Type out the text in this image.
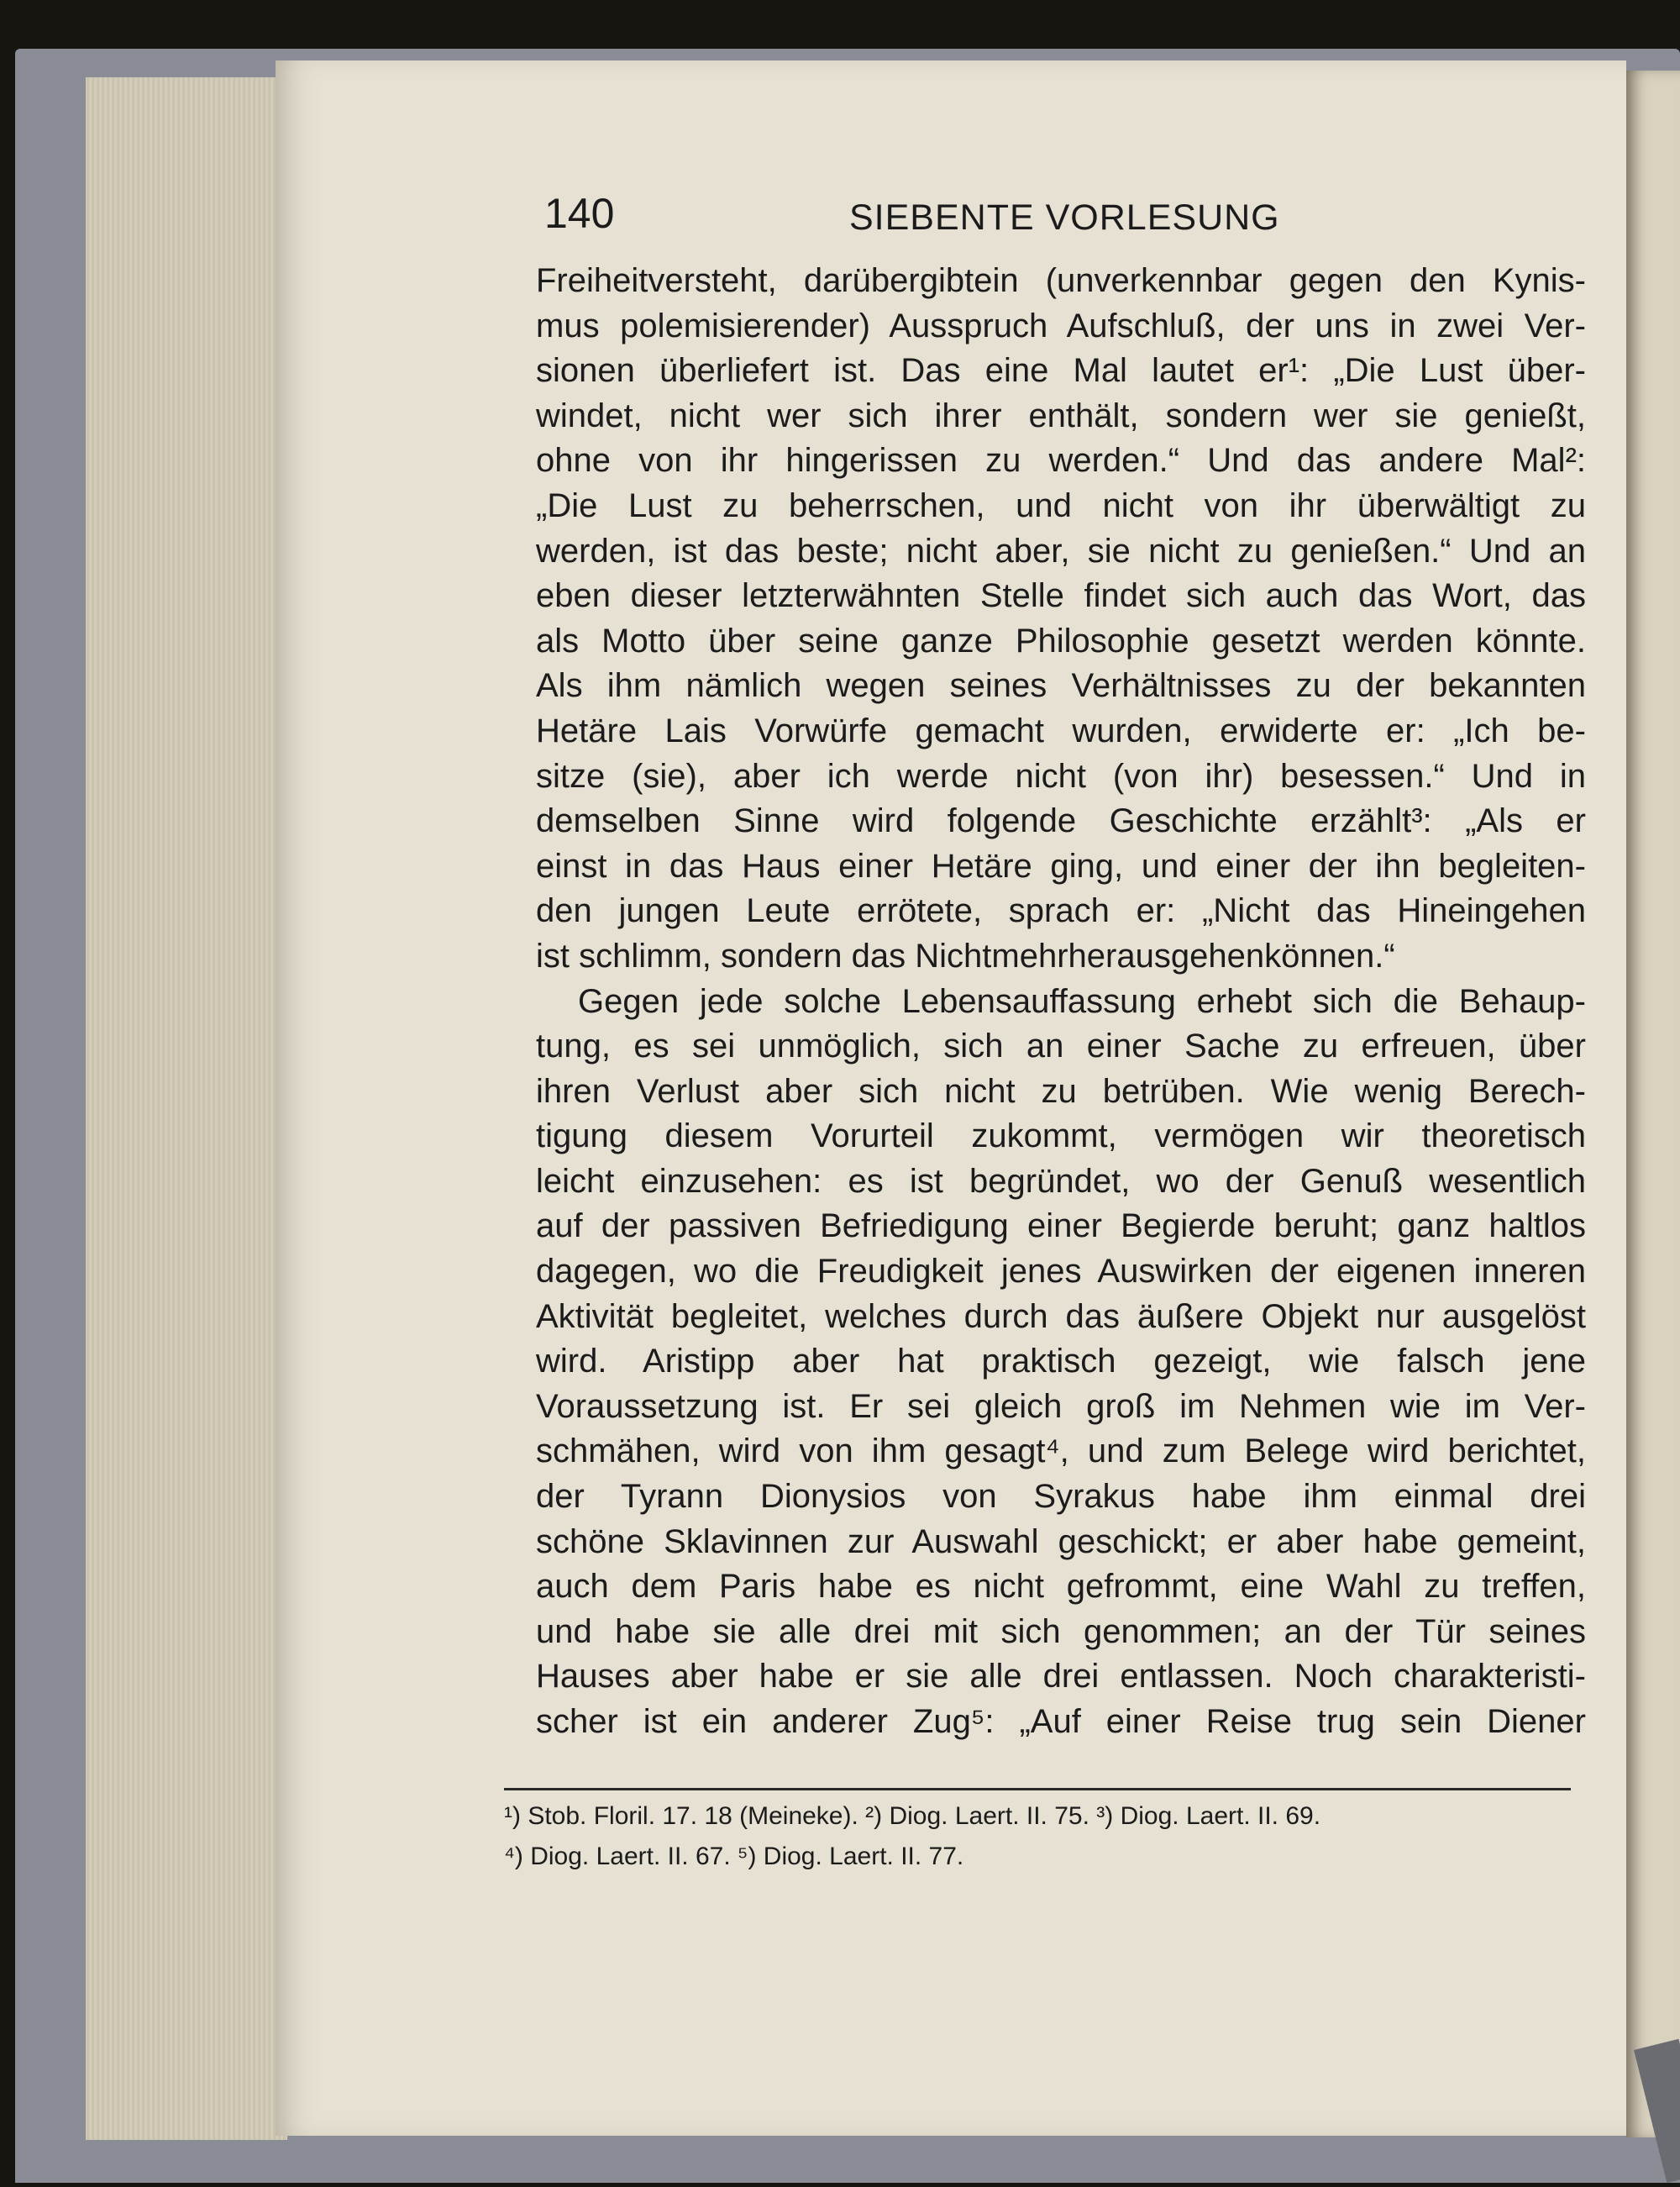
140	SIEBENTE VORLESUNG
Freiheitversteht, darübergibtein (unverkennbar gegen den Kynis-
mus polemisierender) Ausspruch Aufschluß, der uns in zwei Ver-
sionen überliefert ist. Das eine Mal lautet er¹: „Die Lust über-
windet, nicht wer sich ihrer enthält, sondern wer sie genießt,
ohne von ihr hingerissen zu werden.“ Und das andere Mal²:
„Die Lust zu beherrschen, und nicht von ihr überwältigt zu
werden, ist das beste; nicht aber, sie nicht zu genießen.“ Und an
eben dieser letzterwähnten Stelle findet sich auch das Wort, das
als Motto über seine ganze Philosophie gesetzt werden könnte.
Als ihm nämlich wegen seines Verhältnisses zu der bekannten
Hetäre Lais Vorwürfe gemacht wurden, erwiderte er: „Ich be-
sitze (sie), aber ich werde nicht (von ihr) besessen.“ Und in
demselben Sinne wird folgende Geschichte erzählt³: „Als er
einst in das Haus einer Hetäre ging, und einer der ihn begleiten-
den jungen Leute errötete, sprach er: „Nicht das Hineingehen
ist schlimm, sondern das Nichtmehrherausgehenkönnen.“
Gegen jede solche Lebensauffassung erhebt sich die Behaup-
tung, es sei unmöglich, sich an einer Sache zu erfreuen, über
ihren Verlust aber sich nicht zu betrüben. Wie wenig Berech-
tigung diesem Vorurteil zukommt, vermögen wir theoretisch
leicht einzusehen: es ist begründet, wo der Genuß wesentlich
auf der passiven Befriedigung einer Begierde beruht; ganz haltlos
dagegen, wo die Freudigkeit jenes Auswirken der eigenen inneren
Aktivität begleitet, welches durch das äußere Objekt nur ausgelöst
wird. Aristipp aber hat praktisch gezeigt, wie falsch jene
Voraussetzung ist. Er sei gleich groß im Nehmen wie im Ver-
schmähen, wird von ihm gesagt⁴, und zum Belege wird berichtet,
der Tyrann Dionysios von Syrakus habe ihm einmal drei
schöne Sklavinnen zur Auswahl geschickt; er aber habe gemeint,
auch dem Paris habe es nicht gefrommt, eine Wahl zu treffen,
und habe sie alle drei mit sich genommen; an der Tür seines
Hauses aber habe er sie alle drei entlassen. Noch charakteristi-
scher ist ein anderer Zug⁵: „Auf einer Reise trug sein Diener
¹) Stob. Floril. 17. 18 (Meineke). ²) Diog. Laert. II. 75. ³) Diog. Laert. II. 69.
⁴) Diog. Laert. II. 67. ⁵) Diog. Laert. II. 77.
